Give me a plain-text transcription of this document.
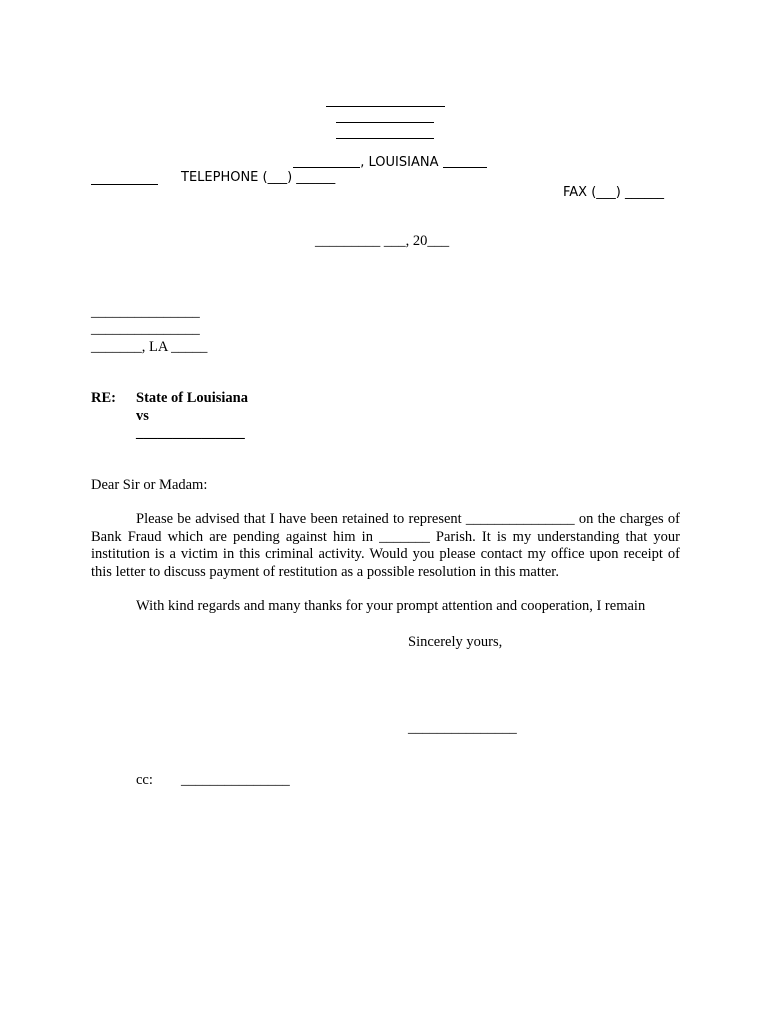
, LOUISIANA

TELEPHONE (___) ______
FAX (___) ______
_________ ___, 20___
_______________
_______________
_______, LA _____
RE: State of Louisiana
vs
_______________
Dear Sir or Madam:
Please be advised that I have been retained to represent _______________ on the charges of Bank Fraud which are pending against him in _______ Parish. It is my understanding that your institution is a victim in this criminal activity. Would you please contact my office upon receipt of this letter to discuss payment of restitution as a possible resolution in this matter.
With kind regards and many thanks for your prompt attention and cooperation, I remain
Sincerely yours,
_______________
cc: _______________
